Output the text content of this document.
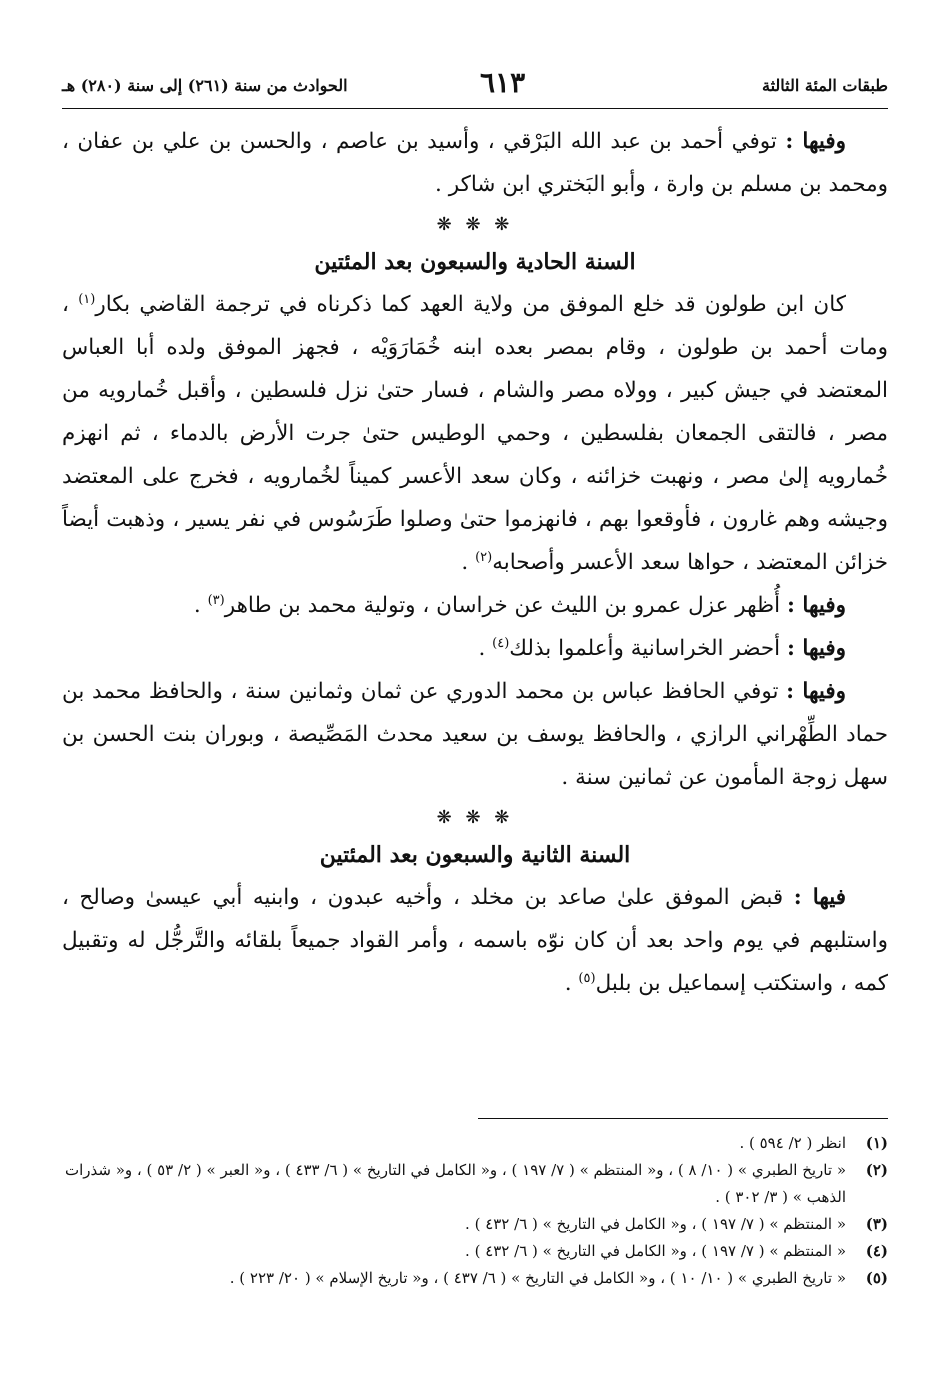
الحوادث من سنة (٢٦١) إلى سنة (٢٨٠) هـ	٦١٣	طبقات المئة الثالثة

وفيها : توفي أحمد بن عبد الله البَرْقي ، وأسيد بن عاصم ، والحسن بن علي بن عفان ، ومحمد بن مسلم بن وارة ، وأبو البَختري ابن شاكر .

❋ ❋ ❋
السنة الحادية والسبعون بعد المئتين

كان ابن طولون قد خلع الموفق من ولاية العهد كما ذكرناه في ترجمة القاضي بكار$^{(١)}$ ، ومات أحمد بن طولون ، وقام بمصر بعده ابنه خُمَارَوَيْه ، فجهز الموفق ولده أبا العباس المعتضد في جيش كبير ، وولاه مصر والشام ، فسار حتىٰ نزل فلسطين ، وأقبل خُمارويه من مصر ، فالتقى الجمعان بفلسطين ، وحمي الوطيس حتىٰ جرت الأرض بالدماء ، ثم انهزم خُمارويه إلىٰ مصر ، ونهبت خزائنه ، وكان سعد الأعسر كميناً لخُمارويه ، فخرج على المعتضد وجيشه وهم غارون ، فأوقعوا بهم ، فانهزموا حتىٰ وصلوا طَرَسُوس في نفر يسير ، وذهبت أيضاً خزائن المعتضد ، حواها سعد الأعسر وأصحابه$^{(٢)}$ .

وفيها : أُظهر عزل عمرو بن الليث عن خراسان ، وتولية محمد بن طاهر$^{(٣)}$ .

وفيها : أحضر الخراسانية وأعلموا بذلك$^{(٤)}$ .

وفيها : توفي الحافظ عباس بن محمد الدوري عن ثمان وثمانين سنة ، والحافظ محمد بن حماد الطِّهْراني الرازي ، والحافظ يوسف بن سعيد محدث المَصِّيصة ، وبوران بنت الحسن بن سهل زوجة المأمون عن ثمانين سنة .

❋ ❋ ❋
السنة الثانية والسبعون بعد المئتين

فيها : قبض الموفق علىٰ صاعد بن مخلد ، وأخيه عبدون ، وابنيه أبي عيسىٰ وصالح ، واستلبهم في يوم واحد بعد أن كان نوّه باسمه ، وأمر القواد جميعاً بلقائه والتَّرجُّل له وتقبيل كمه ، واستكتب إسماعيل بن بلبل$^{(٥)}$ .

(١)
انظر ( ٢/ ٥٩٤ ) .
(٢)
« تاريخ الطبري » ( ١٠/ ٨ ) ، و« المنتظم » ( ٧/ ١٩٧ ) ، و« الكامل في التاريخ » ( ٦/ ٤٣٣ ) ، و« العبر » ( ٢/ ٥٣ ) ، و« شذرات الذهب » ( ٣/ ٣٠٢ ) .
(٣)
« المنتظم » ( ٧/ ١٩٧ ) ، و« الكامل في التاريخ » ( ٦/ ٤٣٢ ) .
(٤)
« المنتظم » ( ٧/ ١٩٧ ) ، و« الكامل في التاريخ » ( ٦/ ٤٣٢ ) .
(٥)
« تاريخ الطبري » ( ١٠/ ١٠ ) ، و« الكامل في التاريخ » ( ٦/ ٤٣٧ ) ، و« تاريخ الإسلام » ( ٢٠/ ٢٢٣ ) .
